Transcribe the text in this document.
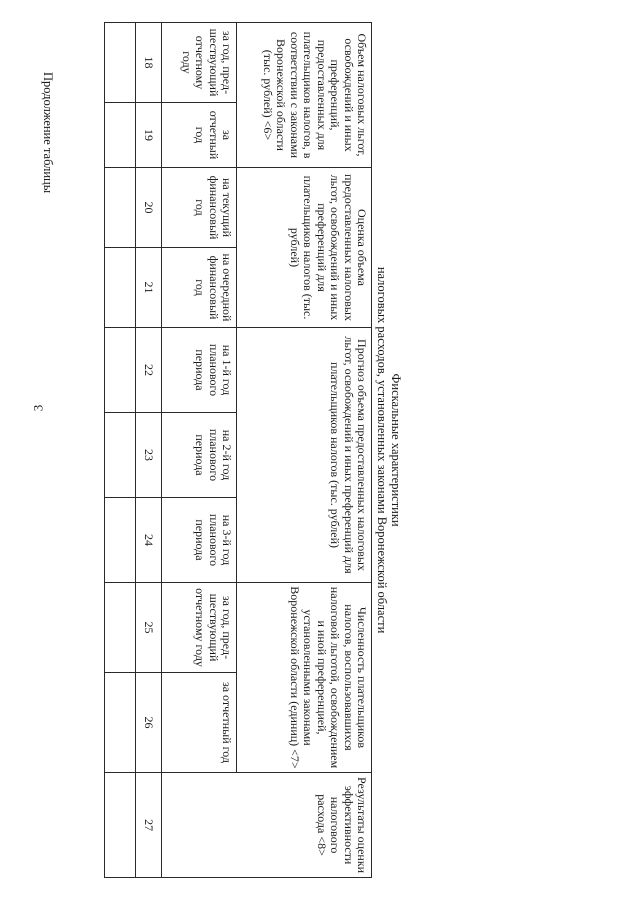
3
Продолжение таблицы
Фискальные характеристики
налоговых расходов, установленных законами Воронежской области									

Объем налоговых льгот, освобождений и иных преференций, предоставленных для плательщиков налогов, в соответствии с законами Воронежской области (тыс. рублей) <6>		Оценка объема предоставленных налоговых льгот, освобождений и иных преференций для плательщиков налогов (тыс. рублей)		Прогноз объема предоставленных налоговых льгот, освобождений и иных преференций для плательщиков налогов (тыс. рублей)			Численность плательщиков налогов, воспользовавшихся налоговой льготой, освобождением и иной преференцией, установленными законами Воронежской области (единиц) <7>		Результаты оценки эффективности налогового расхода <8>
за год, пред-шествующий отчетному году	за отчетный год	на текущий финансовый год	на очередной финансовый год	на 1-й год планового периода	на 2-й год планового периода	на 3-й год планового периода	за год, пред-шествующий отчетному году	за отчетный год	
18	19	20	21	22	23	24	25	26	27
